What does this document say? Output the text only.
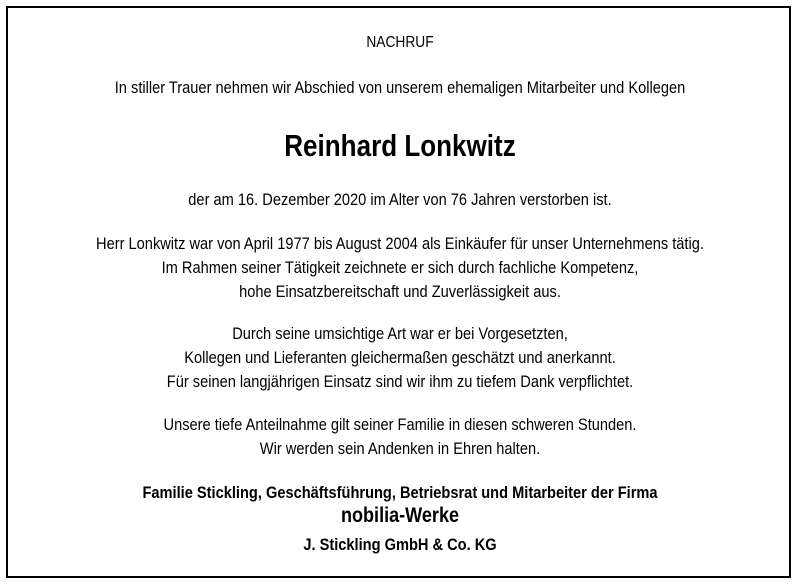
NACHRUF
In stiller Trauer nehmen wir Abschied von unserem ehemaligen Mitarbeiter und Kollegen
Reinhard Lonkwitz
der am 16. Dezember 2020 im Alter von 76 Jahren verstorben ist.
Herr Lonkwitz war von April 1977 bis August 2004 als Einkäufer für unser Unternehmens tätig.
Im Rahmen seiner Tätigkeit zeichnete er sich durch fachliche Kompetenz,
hohe Einsatzbereitschaft und Zuverlässigkeit aus.
Durch seine umsichtige Art war er bei Vorgesetzten,
Kollegen und Lieferanten gleichermaßen geschätzt und anerkannt.
Für seinen langjährigen Einsatz sind wir ihm zu tiefem Dank verpflichtet.
Unsere tiefe Anteilnahme gilt seiner Familie in diesen schweren Stunden.
Wir werden sein Andenken in Ehren halten.
Familie Stickling, Geschäftsführung, Betriebsrat und Mitarbeiter der Firma
nobilia-Werke
J. Stickling GmbH & Co. KG
